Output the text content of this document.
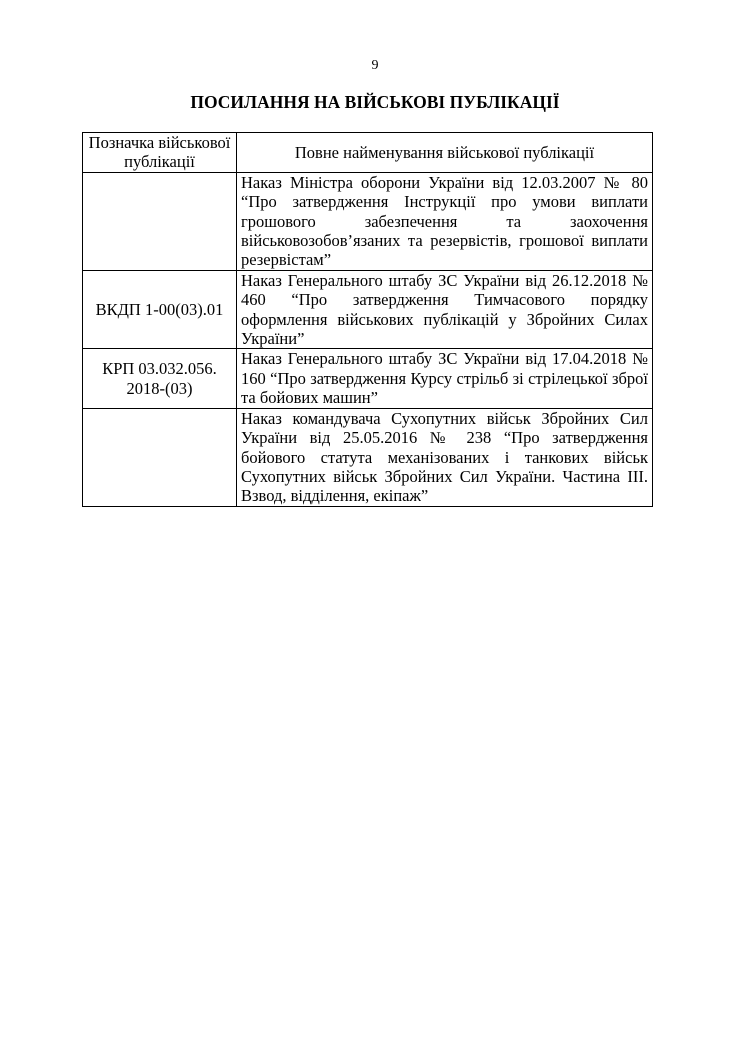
9
ПОСИЛАННЯ НА ВІЙСЬКОВІ ПУБЛІКАЦІЇ
Позначка військової публікації	Повне найменування військової публікації
	Наказ Міністра оборони України від 12.03.2007 № 80 “Про затвердження Інструкції про умови виплати грошового забезпечення та заохочення військовозобов’язаних та резервістів, грошової виплати резервістам”
ВКДП 1-00(03).01	Наказ Генерального штабу ЗС України від 26.12.2018 № 460 “Про затвердження Тимчасового порядку оформлення військових публікацій у Збройних Силах України”
КРП 03.032.056. 2018-(03)	Наказ Генерального штабу ЗС України від 17.04.2018 № 160 “Про затвердження Курсу стрільб зі стрілецької зброї та бойових машин”
	Наказ командувача Сухопутних військ Збройних Сил України від 25.05.2016 № 238 “Про затвердження бойового статута механізованих і танкових військ Сухопутних військ Збройних Сил України. Частина ІІІ. Взвод, відділення, екіпаж”
